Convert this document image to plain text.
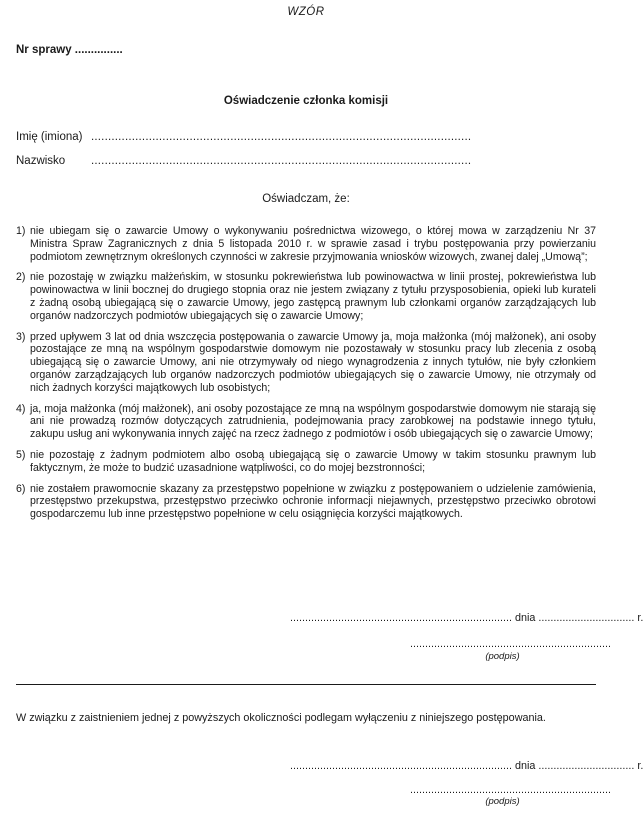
WZÓR
Nr sprawy ...............
Oświadczenie członka komisji
Imię (imiona) ................................................................................................................
Nazwisko ................................................................................................................
Oświadczam, że:
1) nie ubiegam się o zawarcie Umowy o wykonywaniu pośrednictwa wizowego, o której mowa w zarządzeniu Nr 37 Ministra Spraw Zagranicznych z dnia 5 listopada 2010 r. w sprawie zasad i trybu postępowania przy powierzaniu podmiotom zewnętrznym określonych czynności w zakresie przyjmowania wniosków wizowych, zwanej dalej „Umową”;
2) nie pozostaję w związku małżeńskim, w stosunku pokrewieństwa lub powinowactwa w linii prostej, pokrewieństwa lub powinowactwa w linii bocznej do drugiego stopnia oraz nie jestem związany z tytułu przysposobienia, opieki lub kurateli z żadną osobą ubiegającą się o zawarcie Umowy, jego zastępcą prawnym lub członkami organów zarządzających lub organów nadzorczych podmiotów ubiegających się o zawarcie Umowy;
3) przed upływem 3 lat od dnia wszczęcia postępowania o zawarcie Umowy ja, moja małżonka (mój małżonek), ani osoby pozostające ze mną na wspólnym gospodarstwie domowym nie pozostawały w stosunku pracy lub zlecenia z osobą ubiegającą się o zawarcie Umowy, ani nie otrzymywały od niego wynagrodzenia z innych tytułów, nie były członkiem organów zarządzających lub organów nadzorczych podmiotów ubiegających się o zawarcie Umowy, nie otrzymały od nich żadnych korzyści majątkowych lub osobistych;
4) ja, moja małżonka (mój małżonek), ani osoby pozostające ze mną na wspólnym gospodarstwie domowym nie starają się ani nie prowadzą rozmów dotyczących zatrudnienia, podejmowania pracy zarobkowej na podstawie innego tytułu, zakupu usług ani wykonywania innych zajęć na rzecz żadnego z podmiotów i osób ubiegających się o zawarcie Umowy;
5) nie pozostaję z żadnym podmiotem albo osobą ubiegającą się o zawarcie Umowy w takim stosunku prawnym lub faktycznym, że może to budzić uzasadnione wątpliwości, co do mojej bezstronności;
6) nie zostałem prawomocnie skazany za przestępstwo popełnione w związku z postępowaniem o udzielenie zamówienia, przestępstwo przekupstwa, przestępstwo przeciwko ochronie informacji niejawnych, przestępstwo przeciwko obrotowi gospodarczemu lub inne przestępstwo popełnione w celu osiągnięcia korzyści majątkowych.
.......................................................................... dnia ................................ r.
...................................................................
(podpis)
W związku z zaistnieniem jednej z powyższych okoliczności podlegam wyłączeniu z niniejszego postępowania.
.......................................................................... dnia ................................ r.
...................................................................
(podpis)
